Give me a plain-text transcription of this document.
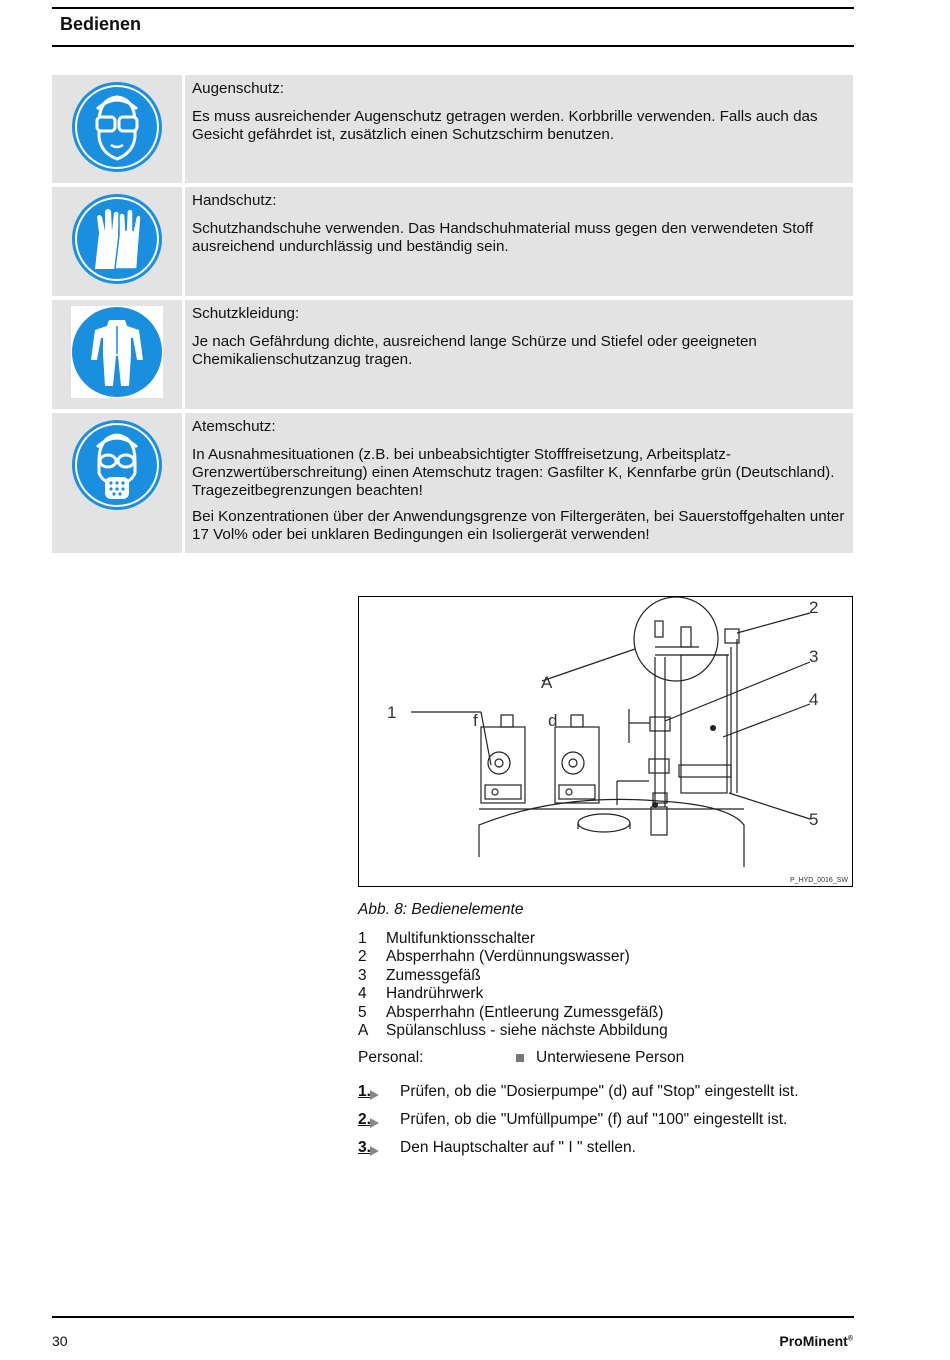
Bedienen
Augenschutz:
Es muss ausreichender Augenschutz getragen werden. Korbbrille verwenden. Falls auch das Gesicht gefährdet ist, zusätzlich einen Schutzschirm benutzen.
Handschutz:
Schutzhandschuhe verwenden. Das Handschuhmaterial muss gegen den verwendeten Stoff ausreichend undurchlässig und beständig sein.
Schutzkleidung:
Je nach Gefährdung dichte, ausreichend lange Schürze und Stiefel oder geeigneten Chemikalienschutzanzug tragen.
Atemschutz:
In Ausnahmesituationen (z.B. bei unbeabsichtigter Stofffreisetzung, Arbeitsplatz-Grenzwertüberschreitung) einen Atemschutz tragen: Gasfilter K, Kennfarbe grün (Deutschland). Tragezeitbegrenzungen beachten!
Bei Konzentrationen über der Anwendungsgrenze von Filtergeräten, bei Sauerstoffgehalten unter 17 Vol% oder bei unklaren Bedingungen ein Isoliergerät verwenden!
1
2
3
4
5
A
f	d
P_HYD_0016_SW
Abb. 8: Bedienelemente
1	Multifunktionsschalter
2	Absperrhahn (Verdünnungswasser)
3	Zumessgefäß
4	Handrührwerk
5	Absperrhahn (Entleerung Zumessgefäß)
A	Spülanschluss - siehe nächste Abbildung
Personal:	Unterwiesene Person
1.	Prüfen, ob die "Dosierpumpe" (d) auf "Stop" eingestellt ist.
2.	Prüfen, ob die "Umfüllpumpe" (f) auf "100" eingestellt ist.
3.	Den Hauptschalter auf " I " stellen.
30	ProMinent®
